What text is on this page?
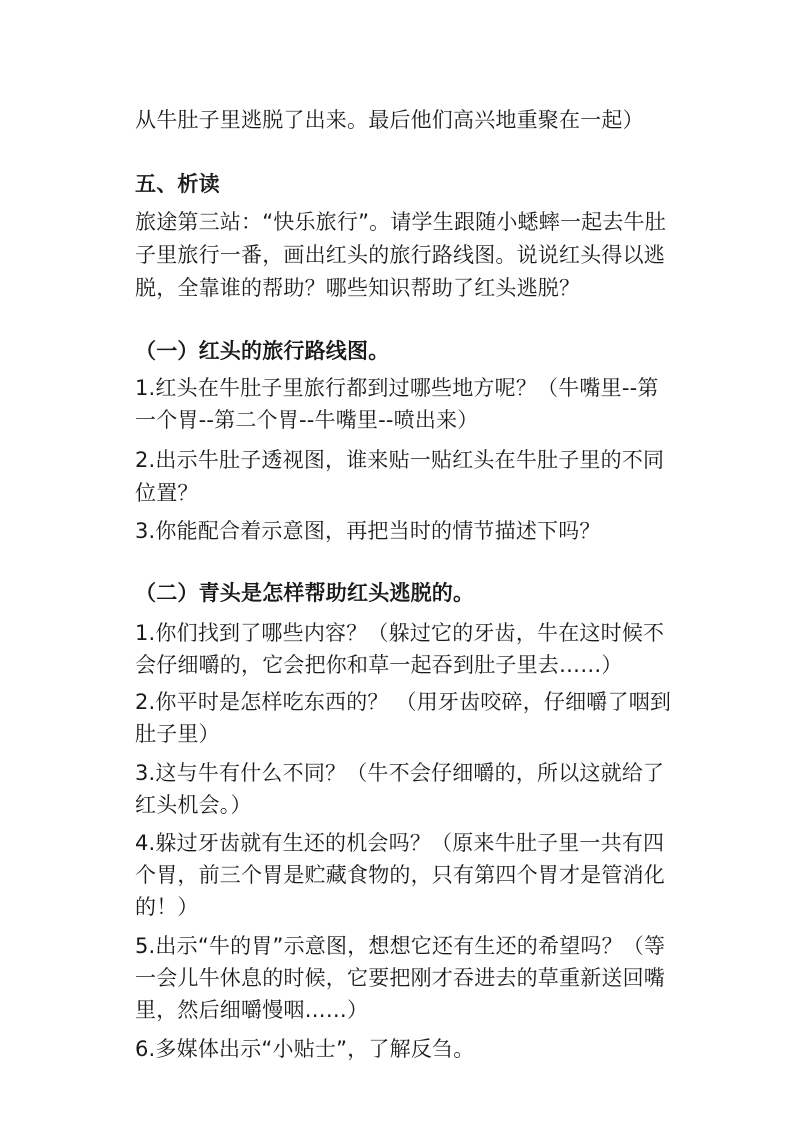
从牛肚子里逃脱了出来。最后他们高兴地重聚在一起）
五、析读
旅途第三站：“快乐旅行”。请学生跟随小蟋蟀一起去牛肚
子里旅行一番，画出红头的旅行路线图。说说红头得以逃
脱，全靠谁的帮助？哪些知识帮助了红头逃脱？
（一）红头的旅行路线图。
1.红头在牛肚子里旅行都到过哪些地方呢？（牛嘴里--第
一个胃--第二个胃--牛嘴里--喷出来）
2.出示牛肚子透视图，谁来贴一贴红头在牛肚子里的不同
位置？
3.你能配合着示意图，再把当时的情节描述下吗？
（二）青头是怎样帮助红头逃脱的。
1.你们找到了哪些内容？（躲过它的牙齿，牛在这时候不
会仔细嚼的，它会把你和草一起吞到肚子里去……）
2.你平时是怎样吃东西的？ （用牙齿咬碎，仔细嚼了咽到
肚子里）
3.这与牛有什么不同？（牛不会仔细嚼的，所以这就给了
红头机会。）
4.躲过牙齿就有生还的机会吗？（原来牛肚子里一共有四
个胃，前三个胃是贮藏食物的，只有第四个胃才是管消化
的！）
5.出示“牛的胃”示意图，想想它还有生还的希望吗？（等
一会儿牛休息的时候，它要把刚才吞进去的草重新送回嘴
里，然后细嚼慢咽……）
6.多媒体出示“小贴士”，了解反刍。
